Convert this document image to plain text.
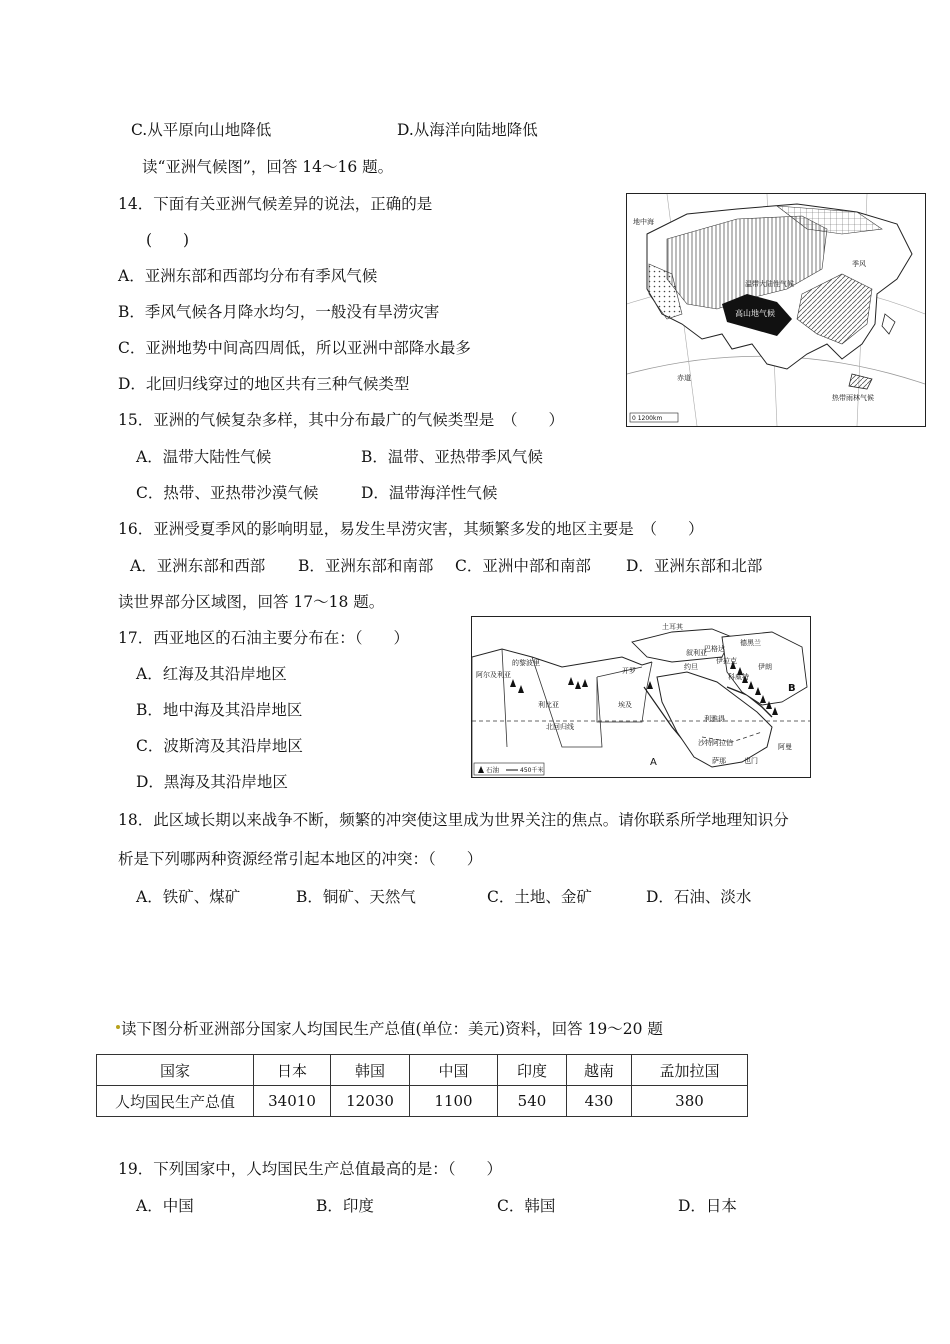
C.从平原向山地降低	D.从海洋向陆地降低
读“亚洲气候图”，回答 14～16 题。
14．下面有关亚洲气候差异的说法，正确的是
(　　)
A．亚洲东部和西部均分布有季风气候
B．季风气候各月降水均匀，一般没有旱涝灾害
C．亚洲地势中间高四周低，所以亚洲中部降水最多
D．北回归线穿过的地区共有三种气候类型
温带大陆性气候
高山地气候
热带雨林气候
地中海
季风
赤道
0 1200km
15．亚洲的气候复杂多样，其中分布最广的气候类型是　（　　）
A．温带大陆性气候	B．温带、亚热带季风气候
C．热带、亚热带沙漠气候	D．温带海洋性气候
16．亚洲受夏季风的影响明显，易发生旱涝灾害，其频繁多发的地区主要是　（　　）
A．亚洲东部和西部 B．亚洲东部和南部 C．亚洲中部和南部 D．亚洲东部和北部
读世界部分区域图，回答 17～18 题。
17．西亚地区的石油主要分布在：（　　）
A．红海及其沿岸地区
B．地中海及其沿岸地区
C．波斯湾及其沿岸地区
D．黑海及其沿岸地区
土耳其
德黑兰
伊朗
叙利亚
巴格达
伊拉克
约旦
科威特
利雅得
沙特阿拉伯	阿曼
也门
萨那
阿尔及利亚
的黎波里
利比亚
开罗
埃及
北回归线
B
A
石油	450千米
18．此区域长期以来战争不断，频繁的冲突使这里成为世界关注的焦点。请你联系所学地理知识分
析是下列哪两种资源经常引起本地区的冲突：（　　）
A．铁矿、煤矿	B．铜矿、天然气	C．土地、金矿	D．石油、淡水
读下图分析亚洲部分国家人均国民生产总值(单位：美元)资料，回答 19～20 题
国家	日本	韩国	中国	印度	越南	孟加拉国
人均国民生产总值	34010	12030	1100	540	430	380
19．下列国家中，人均国民生产总值最高的是：（　　）
A．中国	B．印度	C．韩国	D．日本
